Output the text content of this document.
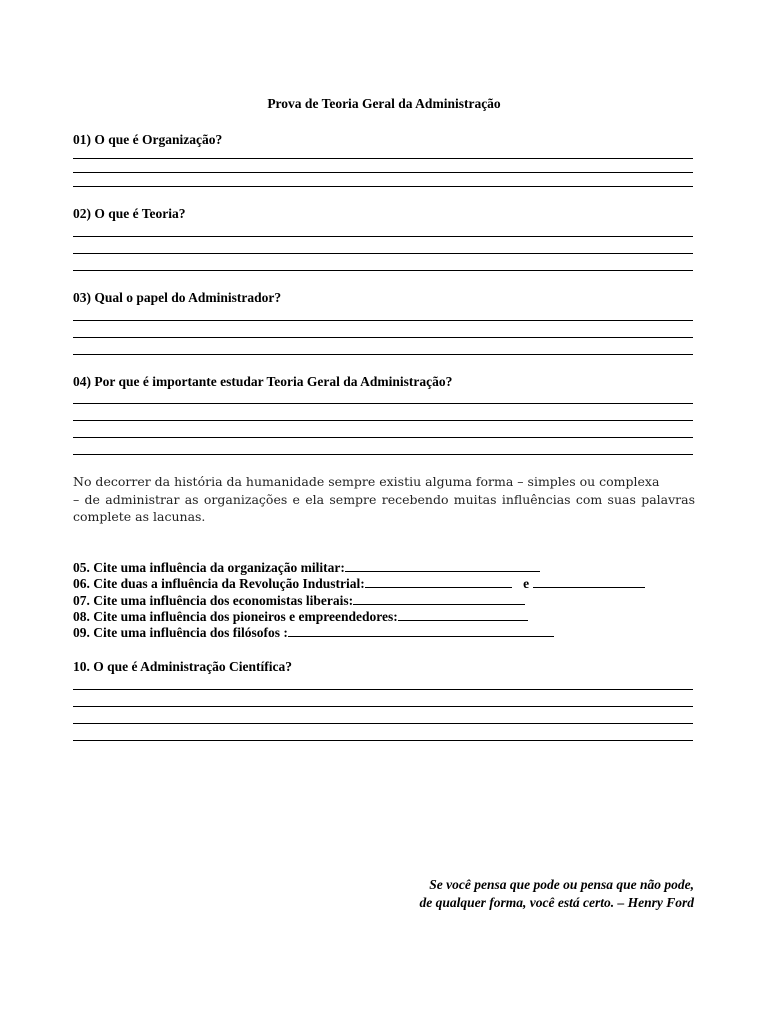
Prova de Teoria Geral da Administração
01) O que é Organização?
02) O que é Teoria?
03) Qual o papel do Administrador?
04) Por que é importante estudar Teoria Geral da Administração?

No decorrer da história da humanidade sempre existiu alguma forma – simples ou complexa

– de administrar as organizações e ela sempre recebendo muitas influências com suas palavras

complete as lacunas.

05. Cite uma influência da organização militar:
06. Cite duas a influência da Revolução Industrial:	e
07. Cite uma influência dos economistas liberais:
08. Cite uma influência dos pioneiros e empreendedores:
09. Cite uma influência dos filósofos :
10. O que é Administração Científica?
Se você pensa que pode ou pensa que não pode,
de qualquer forma, você está certo. – Henry Ford
